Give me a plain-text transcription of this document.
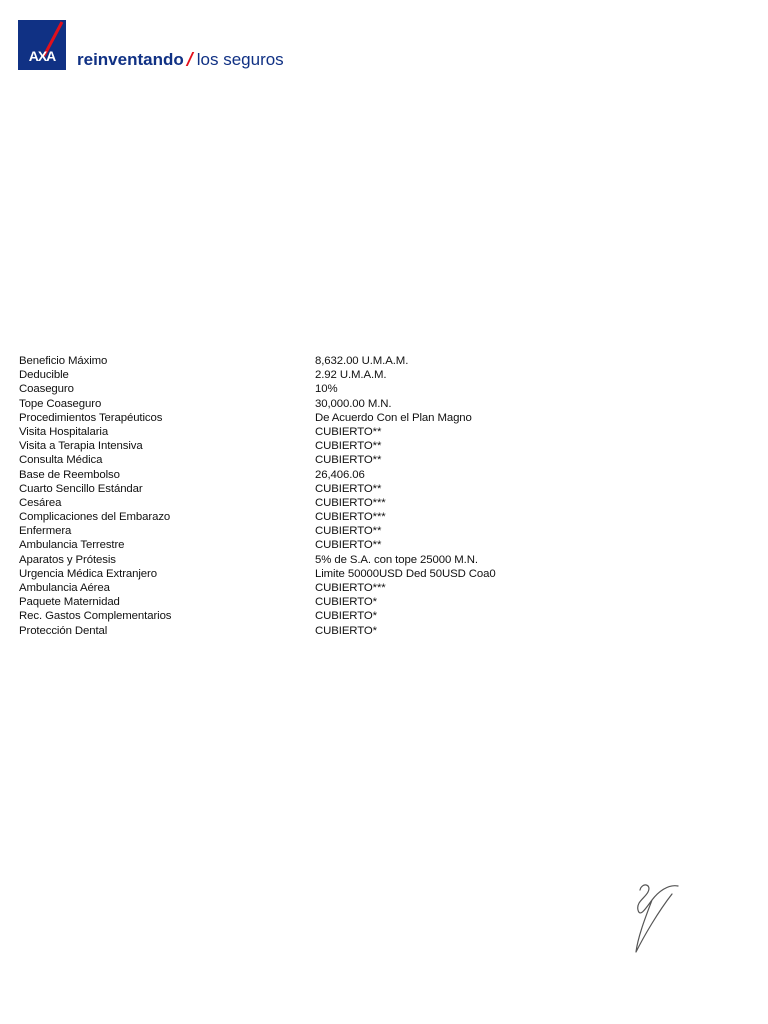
AXA	reinventando los seguros
Beneficio Máximo	8,632.00 U.M.A.M.
Deducible	2.92 U.M.A.M.
Coaseguro	10%
Tope Coaseguro	30,000.00 M.N.
Procedimientos Terapéuticos	De Acuerdo Con el Plan Magno
Visita Hospitalaria	CUBIERTO**
Visita a Terapia Intensiva	CUBIERTO**
Consulta Médica	CUBIERTO**
Base de Reembolso	26,406.06
Cuarto Sencillo Estándar	CUBIERTO**
Cesárea	CUBIERTO***
Complicaciones del Embarazo	CUBIERTO***
Enfermera	CUBIERTO**
Ambulancia Terrestre	CUBIERTO**
Aparatos y Prótesis	5% de S.A. con tope 25000 M.N.
Urgencia Médica Extranjero	Limite 50000USD Ded 50USD Coa0
Ambulancia Aérea	CUBIERTO***
Paquete Maternidad	CUBIERTO*
Rec. Gastos Complementarios	CUBIERTO*
Protección Dental	CUBIERTO*
